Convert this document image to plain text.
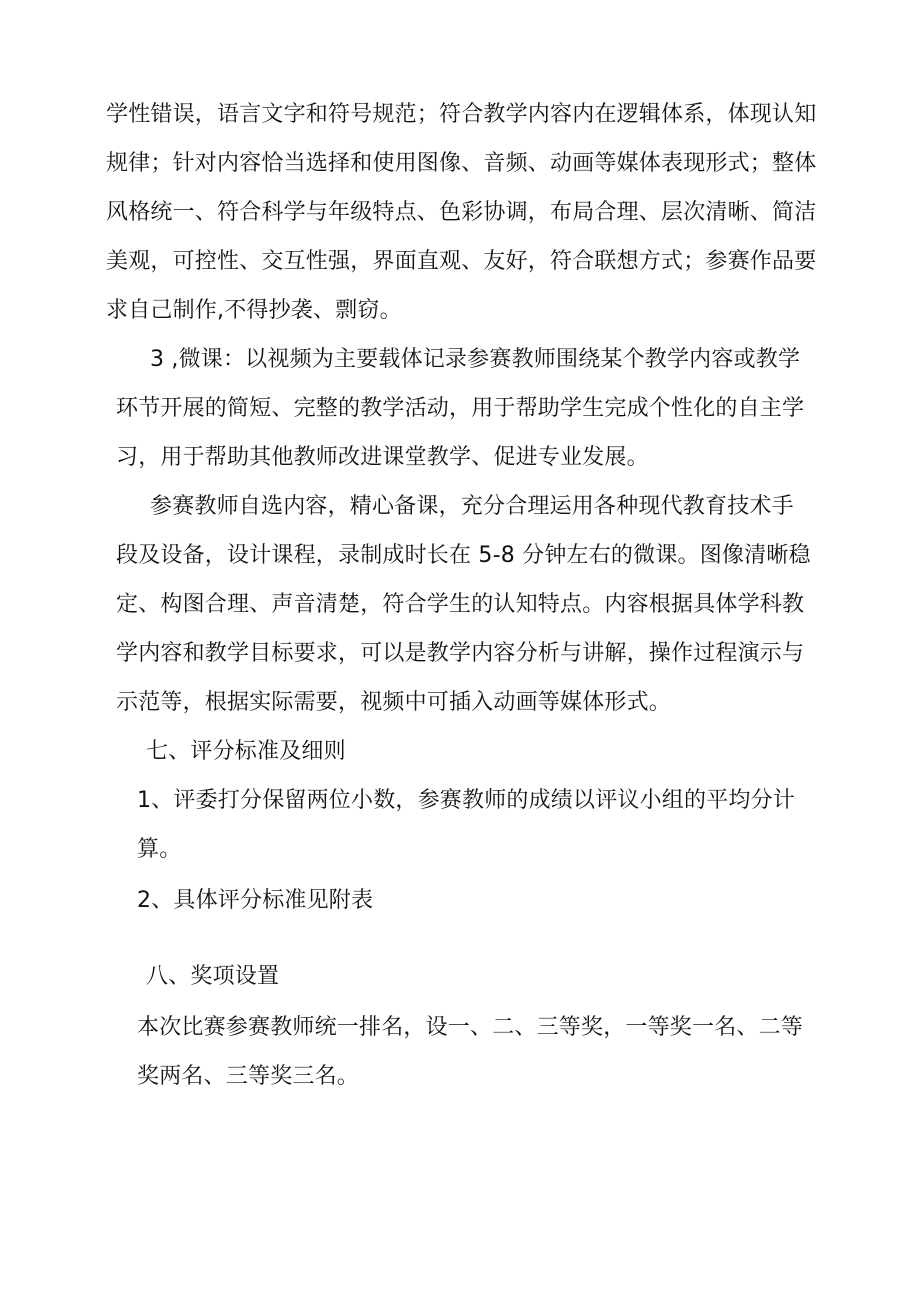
学性错误，语言文字和符号规范；符合教学内容内在逻辑体系，体现认知
规律；针对内容恰当选择和使用图像、音频、动画等媒体表现形式；整体
风格统一、符合科学与年级特点、色彩协调，布局合理、层次清晰、简洁
美观，可控性、交互性强，界面直观、友好，符合联想方式；参赛作品要
求自己制作,不得抄袭、剽窃。
3 ,微课：以视频为主要载体记录参赛教师围绕某个教学内容或教学
环节开展的简短、完整的教学活动，用于帮助学生完成个性化的自主学
习，用于帮助其他教师改进课堂教学、促进专业发展。
参赛教师自选内容，精心备课，充分合理运用各种现代教育技术手
段及设备，设计课程，录制成时长在 5-8 分钟左右的微课。图像清晰稳
定、构图合理、声音清楚，符合学生的认知特点。内容根据具体学科教
学内容和教学目标要求，可以是教学内容分析与讲解，操作过程演示与
示范等，根据实际需要，视频中可插入动画等媒体形式。
七、评分标准及细则
1、评委打分保留两位小数，参赛教师的成绩以评议小组的平均分计
算。
2、具体评分标准见附表
八、奖项设置
本次比赛参赛教师统一排名，设一、二、三等奖，一等奖一名、二等
奖两名、三等奖三名。
